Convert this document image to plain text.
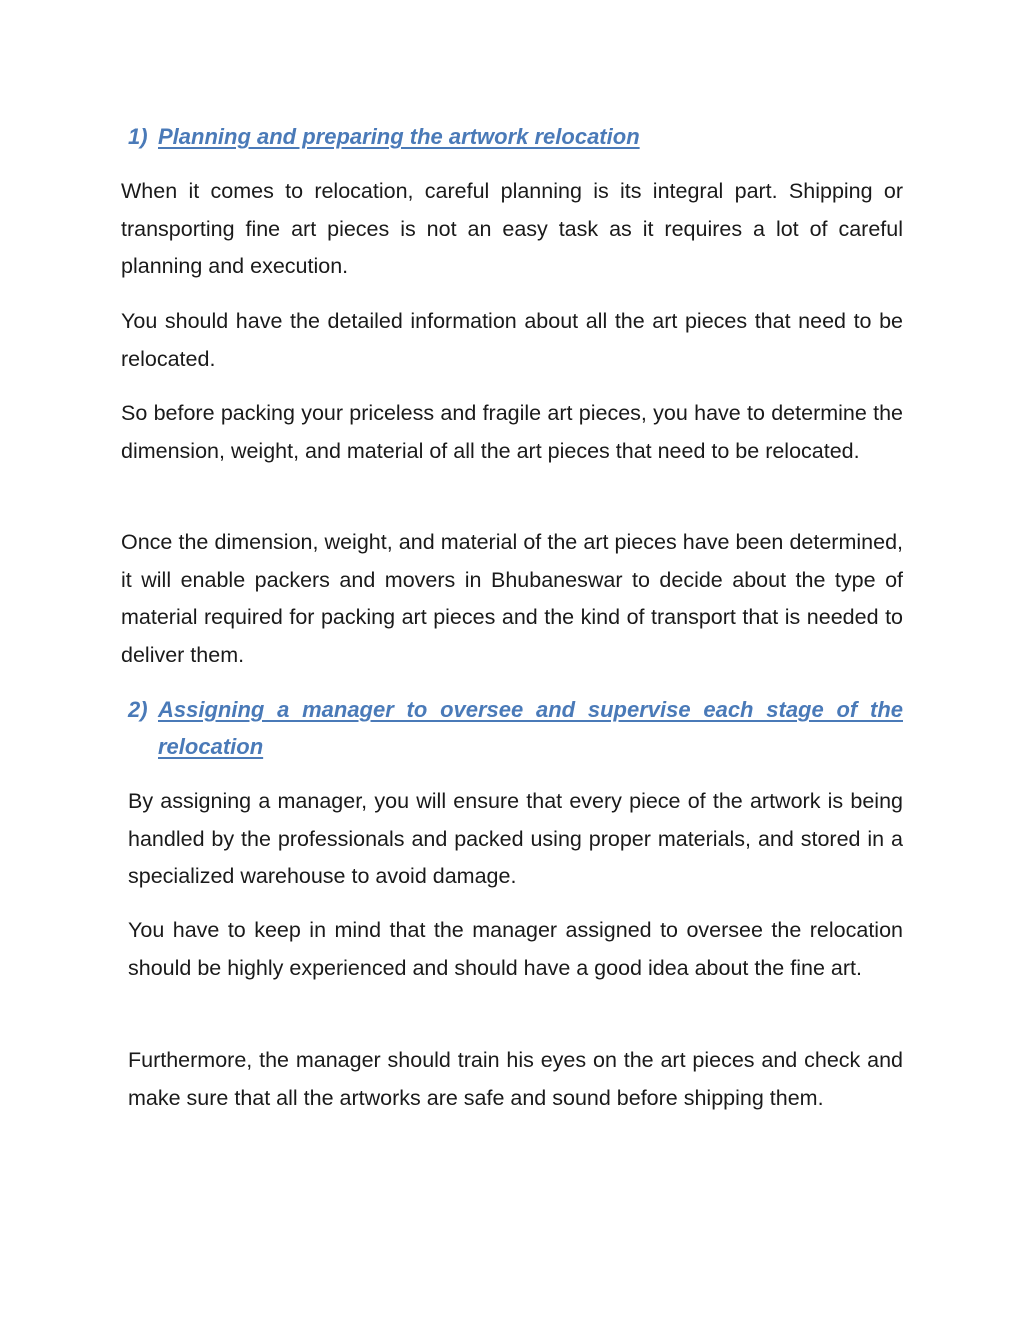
1) Planning and preparing the artwork relocation

When it comes to relocation, careful planning is its integral part. Shipping or transporting fine art pieces is not an easy task as it requires a lot of careful planning and execution.

You should have the detailed information about all the art pieces that need to be relocated.

So before packing your priceless and fragile art pieces, you have to determine the dimension, weight, and material of all the art pieces that need to be relocated.

Once the dimension, weight, and material of the art pieces have been determined, it will enable packers and movers in Bhubaneswar to decide about the type of material required for packing art pieces and the kind of transport that is needed to deliver them.

2) Assigning a manager to oversee and supervise each stage of the relocation

By assigning a manager, you will ensure that every piece of the artwork is being handled by the professionals and packed using proper materials, and stored in a specialized warehouse to avoid damage.

You have to keep in mind that the manager assigned to oversee the relocation should be highly experienced and should have a good idea about the fine art.

Furthermore, the manager should train his eyes on the art pieces and check and make sure that all the artworks are safe and sound before shipping them.
